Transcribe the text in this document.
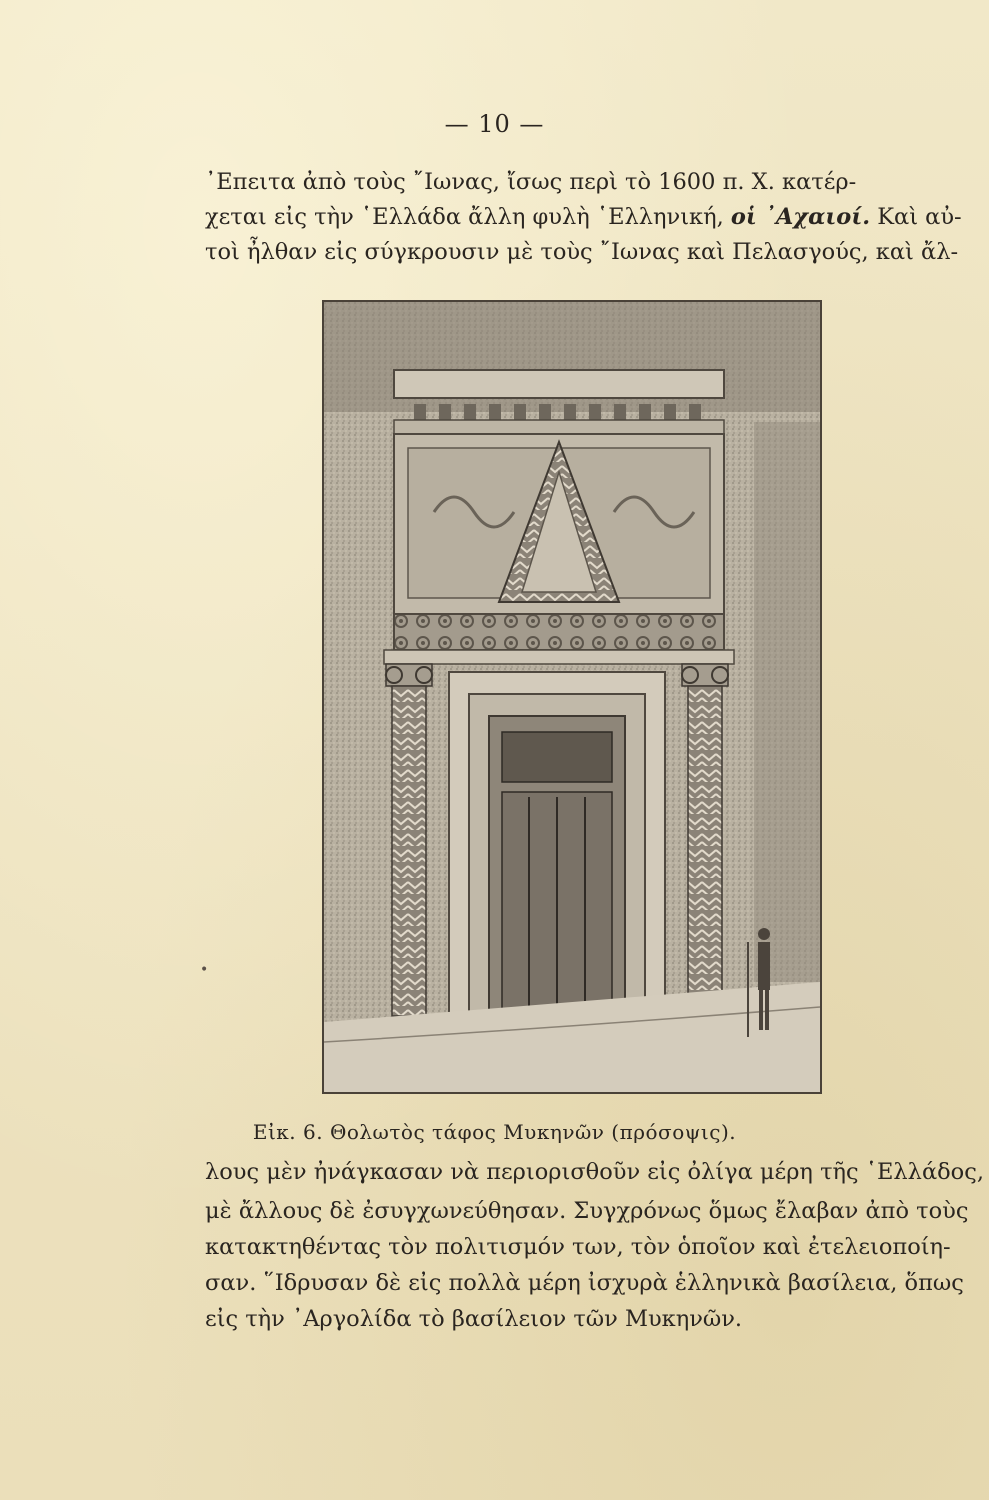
— 10 —
᾿Επειτα ἀπὸ τοὺς ῎Ιωνας, ἴσως περὶ τὸ 1600 π. Χ. κατέρ-
χεται εἰς τὴν ῾Ελλάδα ἄλλη φυλὴ ῾Ελληνική, οἱ ᾿Αχαιοί. Καὶ αὐ-
τοὶ ἦλθαν εἰς σύγκρουσιν μὲ τοὺς ῎Ιωνας καὶ Πελασγούς, καὶ ἄλ-
Εἰκ. 6. Θολωτὸς τάφος Μυκηνῶν (πρόσοψις).
λους μὲν ἠνάγκασαν νὰ περιορισθοῦν εἰς ὀλίγα μέρη τῆς ῾Ελλάδος,
μὲ ἄλλους δὲ ἐσυγχωνεύθησαν. Συγχρόνως ὅμως ἔλαβαν ἀπὸ τοὺς
κατακτηθέντας τὸν πολιτισμόν των, τὸν ὁποῖον καὶ ἐτελειοποίη-
σαν. ῞Ιδρυσαν δὲ εἰς πολλὰ μέρη ἰσχυρὰ ἑλληνικὰ βασίλεια, ὅπως
εἰς τὴν ᾿Αργολίδα τὸ βασίλειον τῶν Μυκηνῶν.
•
